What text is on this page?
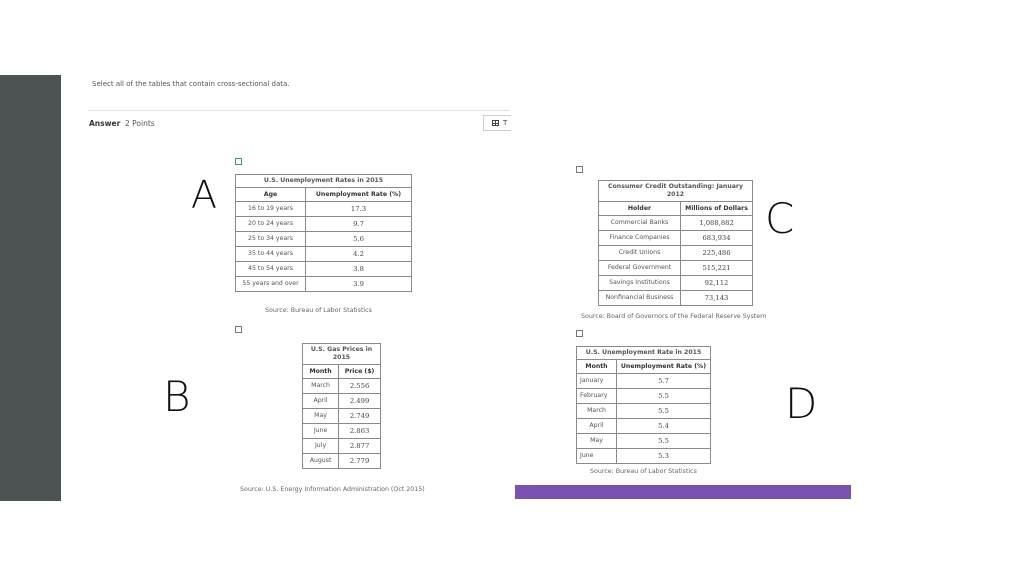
Select all of the tables that contain cross-sectional data.
Answer 2 Points	T
A
B
C
D
U.S. Unemployment Rates in 2015	
Age	Unemployment Rate (%)
16 to 19 years	17.3
20 to 24 years	9.7
25 to 34 years	5.6
35 to 44 years	4.2
45 to 54 years	3.8
55 years and over	3.9
Source: Bureau of Labor Statistics
U.S. Gas Prices in 2015	
Month	Price ($)
March	2.556
April	2.499
May	2.749
June	2.863
July	2.877
August	2.779
Source: U.S. Energy Information Administration (Oct 2015)
Consumer Credit Outstanding: January 2012	
Holder	Millions of Dollars
Commercial Banks	1,088,882
Finance Companies	683,934
Credit Unions	225,486
Federal Government	515,221
Savings Institutions	92,112
Nonfinancial Business	73,143
Source: Board of Governors of the Federal Reserve System
U.S. Unemployment Rate in 2015	
Month	Unemployment Rate (%)
January	5.7
February	5.5
March	5.5
April	5.4
May	5.5
June	5.3
Source: Bureau of Labor Statistics
